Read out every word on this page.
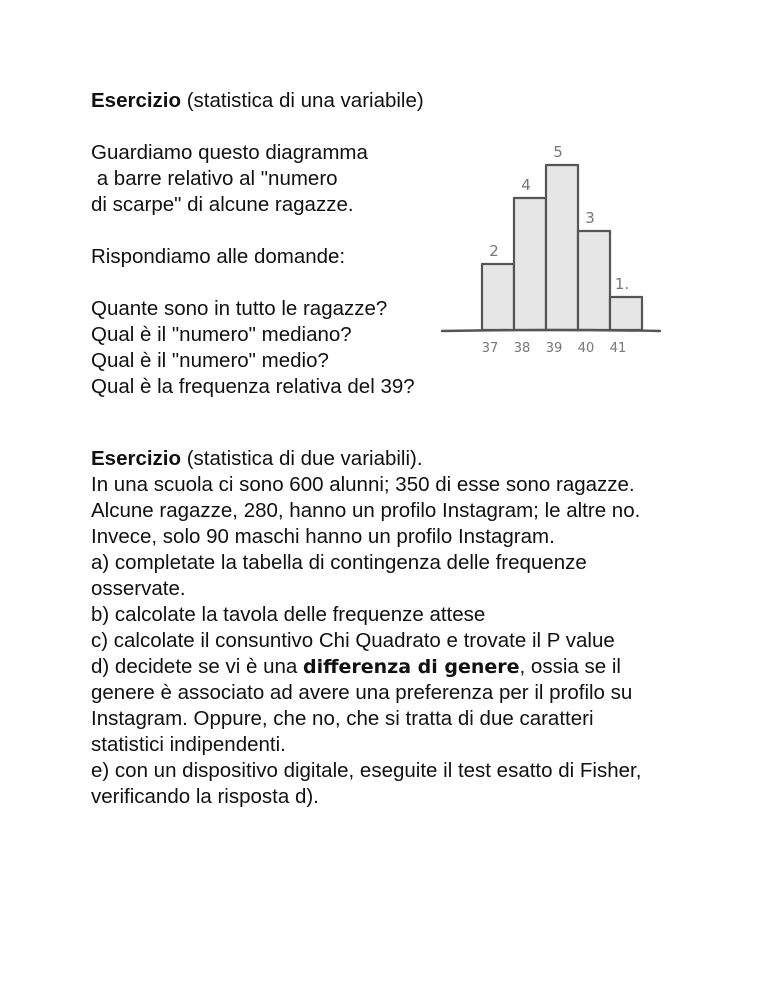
Esercizio (statistica di una variabile)
Guardiamo questo diagramma
a barre relativo al "numero
di scarpe" di alcune ragazze.
Rispondiamo alle domande:
Quante sono in tutto le ragazze?
Qual è il "numero" mediano?
Qual è il "numero" medio?
Qual è la frequenza relativa del 39?
2
37
4
38
5
39
3
40
1.
41
Esercizio (statistica di due variabili).
In una scuola ci sono 600 alunni; 350 di esse sono ragazze.
Alcune ragazze, 280, hanno un profilo Instagram; le altre no.
Invece, solo 90 maschi hanno un profilo Instagram.
a) completate la tabella di contingenza delle frequenze
osservate.
b) calcolate la tavola delle frequenze attese
c) calcolate il consuntivo Chi Quadrato e trovate il P value
d) decidete se vi è una differenza di genere, ossia se il
genere è associato ad avere una preferenza per il profilo su
Instagram. Oppure, che no, che si tratta di due caratteri
statistici indipendenti.
e) con un dispositivo digitale, eseguite il test esatto di Fisher,
verificando la risposta d).
